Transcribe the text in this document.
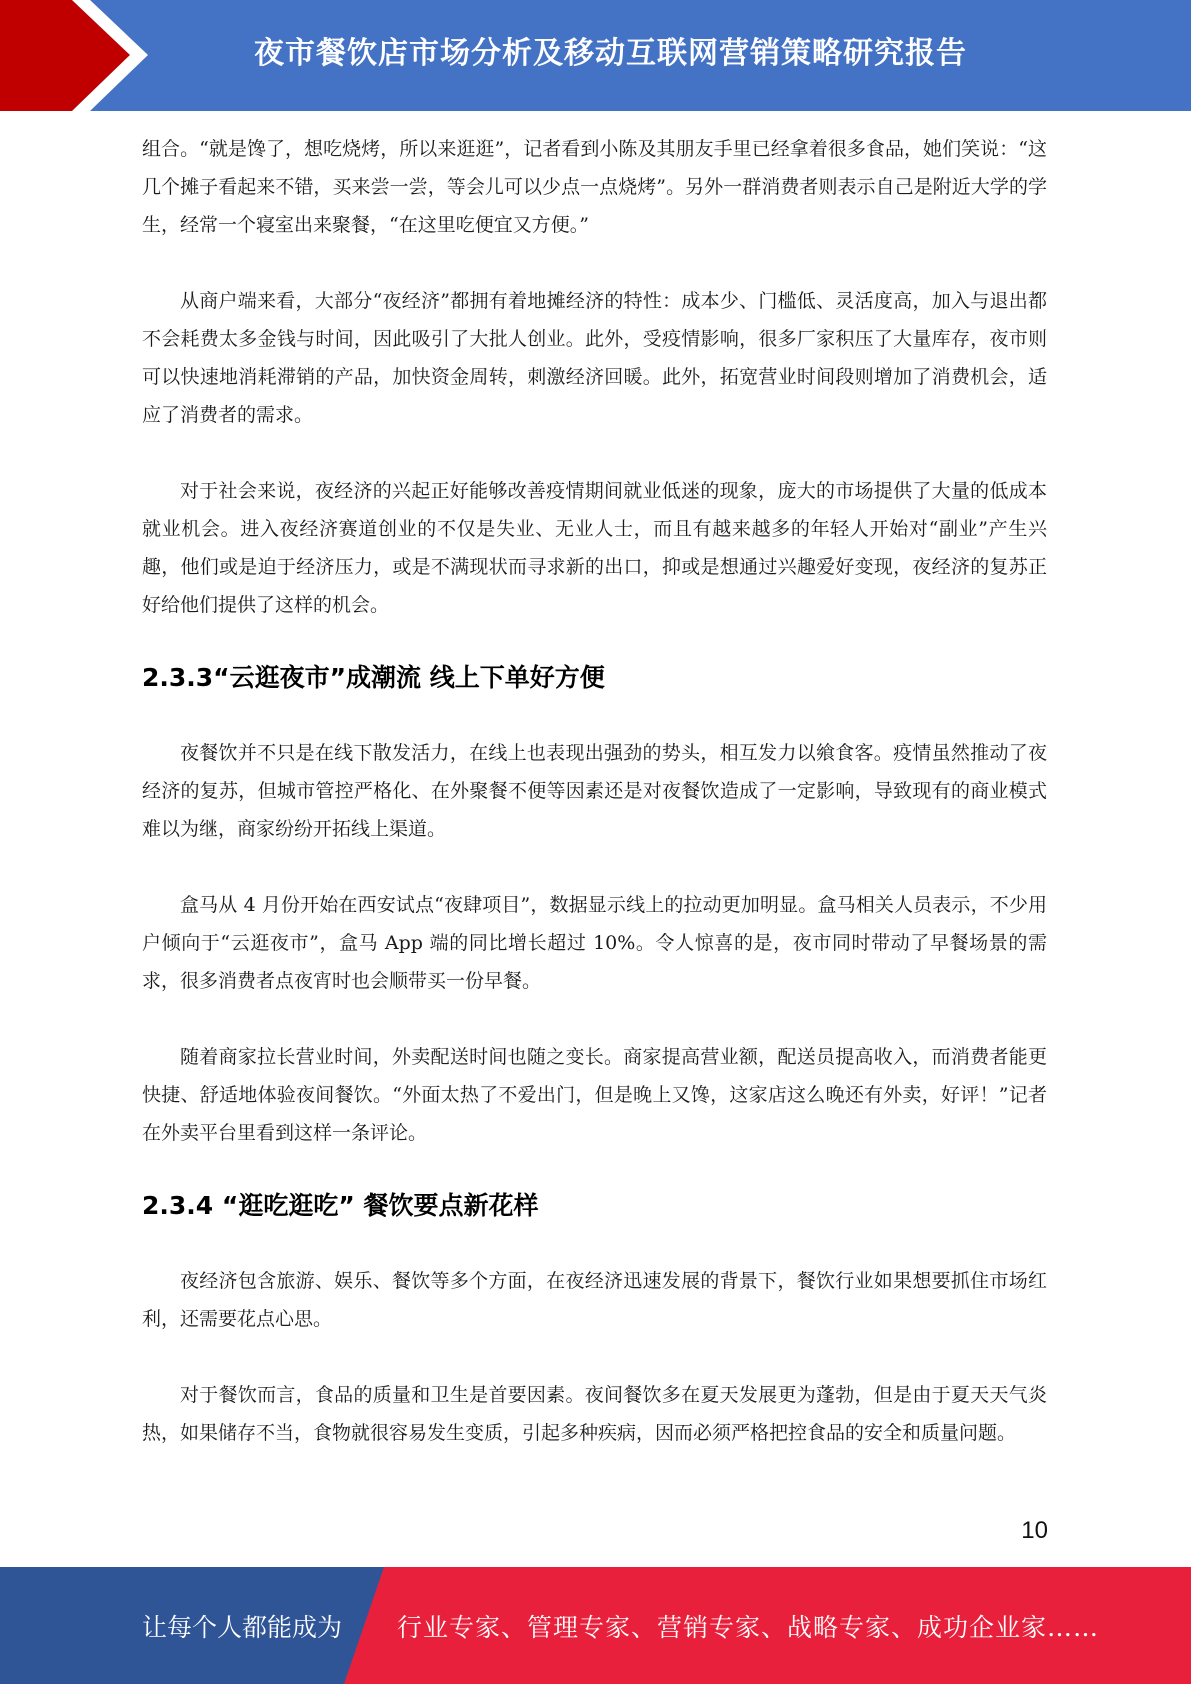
夜市餐饮店市场分析及移动互联网营销策略研究报告

组合。“就是馋了，想吃烧烤，所以来逛逛”，记者看到小陈及其朋友手里已经拿着很多食品，她们笑说：“这几个摊子看起来不错，买来尝一尝，等会儿可以少点一点烧烤”。另外一群消费者则表示自己是附近大学的学生，经常一个寝室出来聚餐，“在这里吃便宜又方便。”

从商户端来看，大部分“夜经济”都拥有着地摊经济的特性：成本少、门槛低、灵活度高，加入与退出都不会耗费太多金钱与时间，因此吸引了大批人创业。此外，受疫情影响，很多厂家积压了大量库存，夜市则可以快速地消耗滞销的产品，加快资金周转，刺激经济回暖。此外，拓宽营业时间段则增加了消费机会，适应了消费者的需求。

对于社会来说，夜经济的兴起正好能够改善疫情期间就业低迷的现象，庞大的市场提供了大量的低成本就业机会。进入夜经济赛道创业的不仅是失业、无业人士，而且有越来越多的年轻人开始对“副业”产生兴趣，他们或是迫于经济压力，或是不满现状而寻求新的出口，抑或是想通过兴趣爱好变现，夜经济的复苏正好给他们提供了这样的机会。

2.3.3“云逛夜市”成潮流 线上下单好方便

夜餐饮并不只是在线下散发活力，在线上也表现出强劲的势头，相互发力以飨食客。疫情虽然推动了夜经济的复苏，但城市管控严格化、在外聚餐不便等因素还是对夜餐饮造成了一定影响，导致现有的商业模式难以为继，商家纷纷开拓线上渠道。

盒马从 4 月份开始在西安试点“夜肆项目”，数据显示线上的拉动更加明显。盒马相关人员表示，不少用户倾向于“云逛夜市”，盒马 App 端的同比增长超过 10%。令人惊喜的是，夜市同时带动了早餐场景的需求，很多消费者点夜宵时也会顺带买一份早餐。

随着商家拉长营业时间，外卖配送时间也随之变长。商家提高营业额，配送员提高收入，而消费者能更快捷、舒适地体验夜间餐饮。“外面太热了不爱出门，但是晚上又馋，这家店这么晚还有外卖，好评！”记者在外卖平台里看到这样一条评论。

2.3.4 “逛吃逛吃” 餐饮要点新花样

夜经济包含旅游、娱乐、餐饮等多个方面，在夜经济迅速发展的背景下，餐饮行业如果想要抓住市场红利，还需要花点心思。

对于餐饮而言，食品的质量和卫生是首要因素。夜间餐饮多在夏天发展更为蓬勃，但是由于夏天天气炎热，如果储存不当，食物就很容易发生变质，引起多种疾病，因而必须严格把控食品的安全和质量问题。

10
让每个人都能成为 行业专家、管理专家、营销专家、战略专家、成功企业家……
